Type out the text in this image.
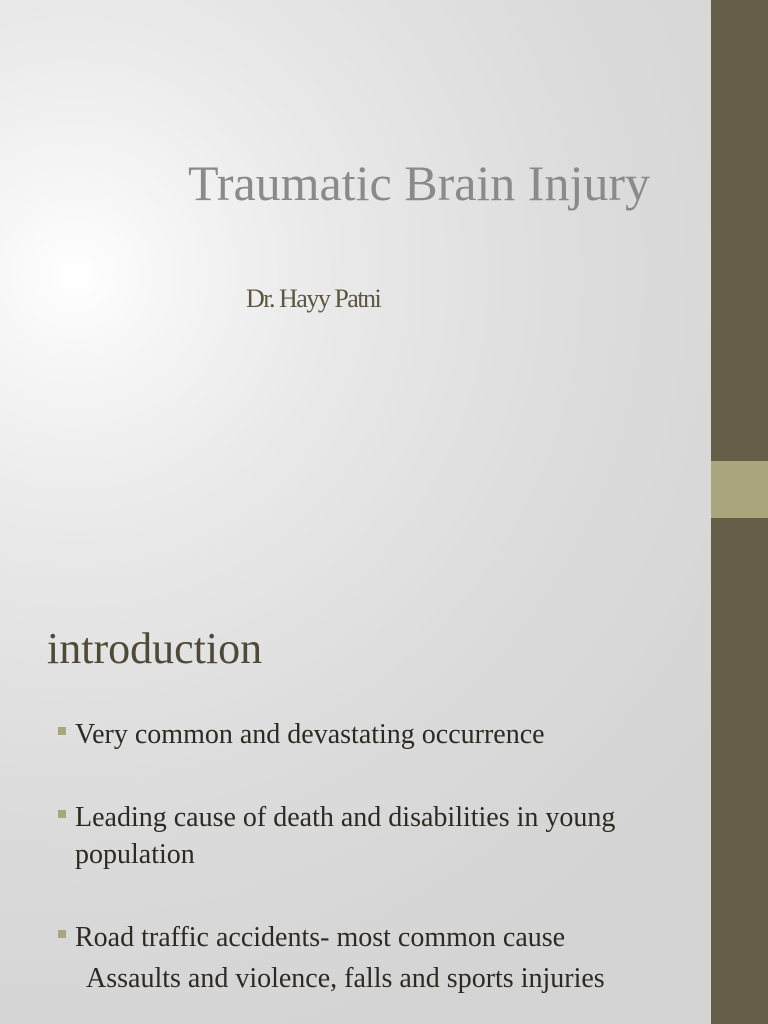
Traumatic Brain Injury
Dr. Hayy Patni
introduction
Very common and devastating occurrence
Leading cause of death and disabilities in young population
Road traffic accidents- most common cause
Assaults and violence, falls and sports injuries
